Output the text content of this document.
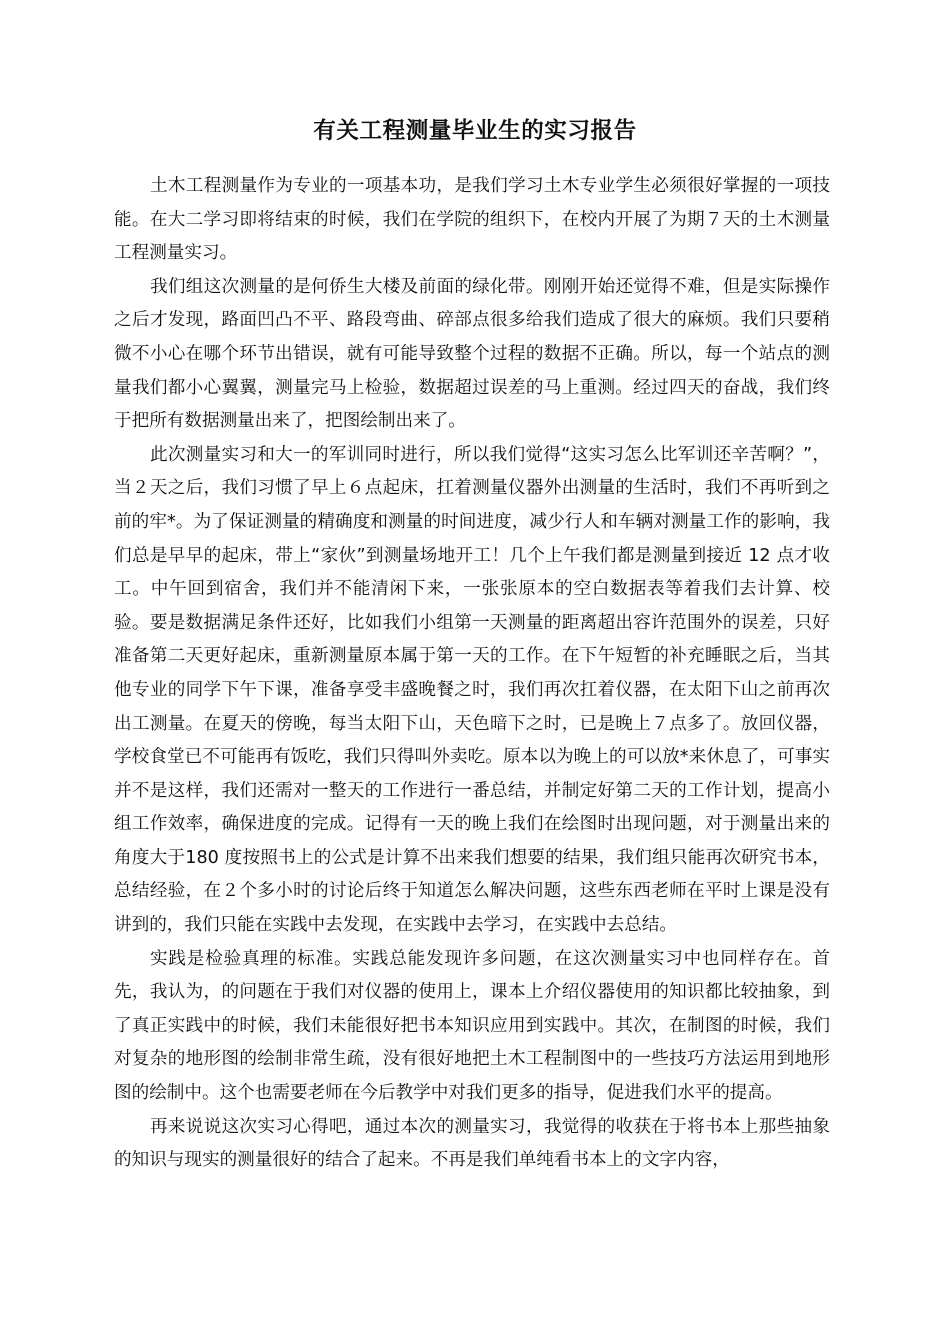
有关工程测量毕业生的实习报告

土木工程测量作为专业的一项基本功，是我们学习土木专业学生必须很好掌握的一项技能。在大二学习即将结束的时候，我们在学院的组织下，在校内开展了为期７天的土木测量工程测量实习。

我们组这次测量的是何侨生大楼及前面的绿化带。刚刚开始还觉得不难，但是实际操作之后才发现，路面凹凸不平、路段弯曲、碎部点很多给我们造成了很大的麻烦。我们只要稍微不小心在哪个环节出错误，就有可能导致整个过程的数据不正确。所以，每一个站点的测量我们都小心翼翼，测量完马上检验，数据超过误差的马上重测。经过四天的奋战，我们终于把所有数据测量出来了，把图绘制出来了。

此次测量实习和大一的军训同时进行，所以我们觉得“这实习怎么比军训还辛苦啊？”，当２天之后，我们习惯了早上６点起床，扛着测量仪器外出测量的生活时，我们不再听到之前的牢*。为了保证测量的精确度和测量的时间进度，减少行人和车辆对测量工作的影响，我们总是早早的起床，带上“家伙”到测量场地开工！几个上午我们都是测量到接近 12 点才收工。中午回到宿舍，我们并不能清闲下来，一张张原本的空白数据表等着我们去计算、校验。要是数据满足条件还好，比如我们小组第一天测量的距离超出容许范围外的误差，只好准备第二天更好起床，重新测量原本属于第一天的工作。在下午短暂的补充睡眠之后，当其他专业的同学下午下课，准备享受丰盛晚餐之时，我们再次扛着仪器，在太阳下山之前再次出工测量。在夏天的傍晚，每当太阳下山，天色暗下之时，已是晚上７点多了。放回仪器，学校食堂已不可能再有饭吃，我们只得叫外卖吃。原本以为晚上的可以放*来休息了，可事实并不是这样，我们还需对一整天的工作进行一番总结，并制定好第二天的工作计划，提高小组工作效率，确保进度的完成。记得有一天的晚上我们在绘图时出现问题，对于测量出来的角度大于180 度按照书上的公式是计算不出来我们想要的结果，我们组只能再次研究书本，总结经验，在２个多小时的讨论后终于知道怎么解决问题，这些东西老师在平时上课是没有讲到的，我们只能在实践中去发现，在实践中去学习，在实践中去总结。

实践是检验真理的标准。实践总能发现许多问题，在这次测量实习中也同样存在。首先，我认为，的问题在于我们对仪器的使用上，课本上介绍仪器使用的知识都比较抽象，到了真正实践中的时候，我们未能很好把书本知识应用到实践中。其次，在制图的时候，我们对复杂的地形图的绘制非常生疏，没有很好地把土木工程制图中的一些技巧方法运用到地形图的绘制中。这个也需要老师在今后教学中对我们更多的指导，促进我们水平的提高。

再来说说这次实习心得吧，通过本次的测量实习，我觉得的收获在于将书本上那些抽象的知识与现实的测量很好的结合了起来。不再是我们单纯看书本上的文字内容，
